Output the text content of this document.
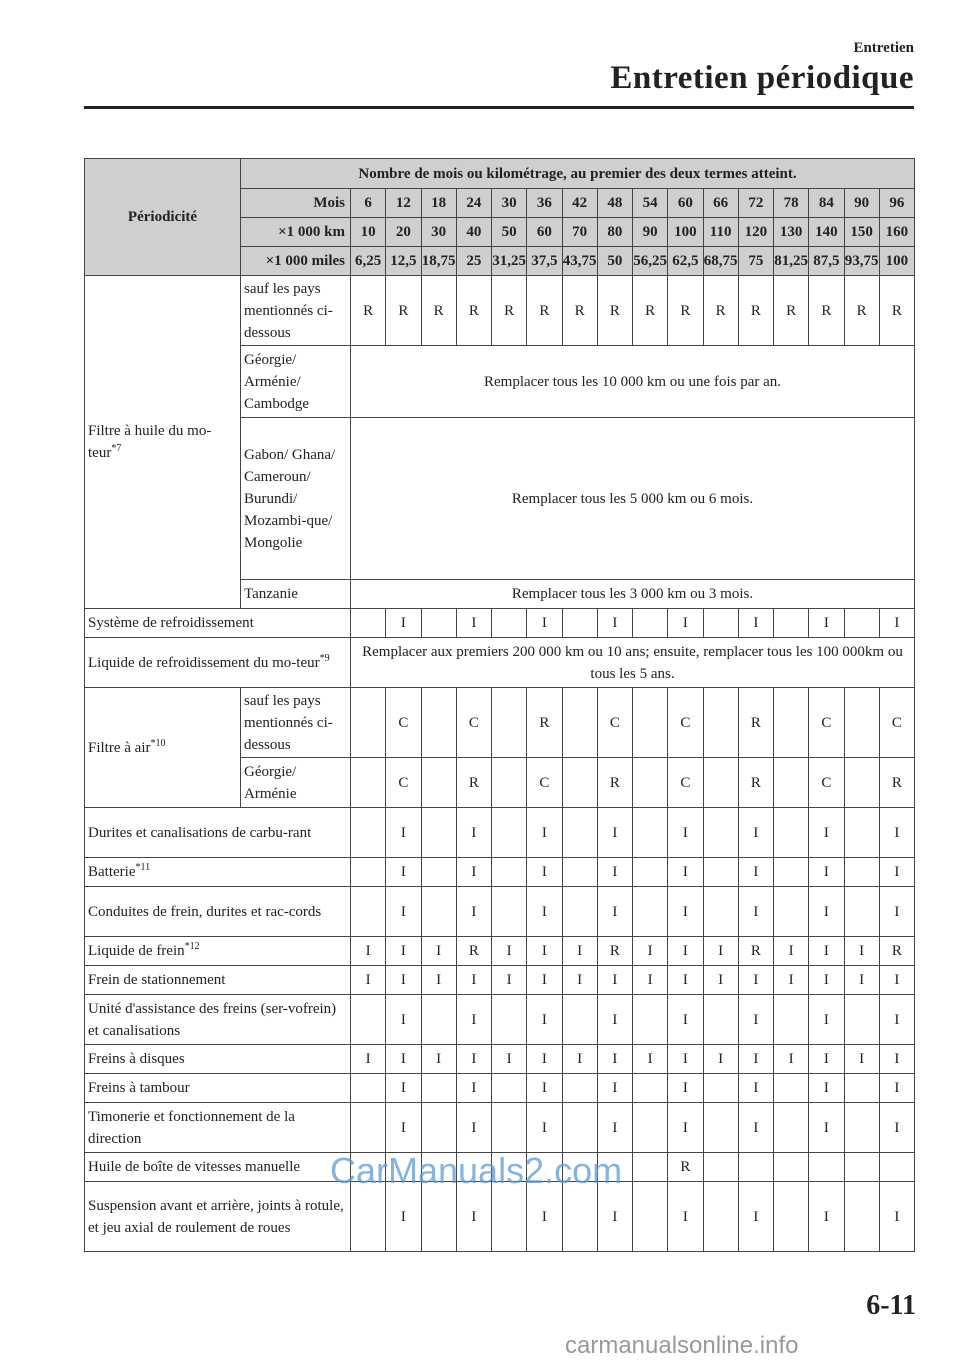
Entretien
Entretien périodique
Périodicité	Nombre de mois ou kilométrage, au premier des deux termes atteint.																
	Mois	6	12	18	24	30	36	42	48	54	60	66	72	78	84	90	96
	×1 000 km	10	20	30	40	50	60	70	80	90	100	110	120	130	140	150	160
	×1 000 miles	6,25	12,5	18,75	25	31,25	37,5	43,75	50	56,25	62,5	68,75	75	81,25	87,5	93,75	100
Filtre à huile du mo-teur$^{*7}$	sauf les pays mentionnés ci-dessous	R	R	R	R	R	R	R	R	R	R	R	R	R	R	R	R
	Géorgie/ Arménie/ Cambodge	Remplacer tous les 10 000 km ou une fois par an.															
	Gabon/ Ghana/ Cameroun/ Burundi/ Mozambi-que/ Mongolie	Remplacer tous les 5 000 km ou 6 mois.															
	Tanzanie	Remplacer tous les 3 000 km ou 3 mois.															
Système de refroidissement			I		I		I		I		I		I		I		I
Liquide de refroidissement du mo-teur$^{*9}$		Remplacer aux premiers 200 000 km ou 10 ans; ensuite, remplacer tous les 100 000km ou tous les 5 ans.															
Filtre à air$^{*10}$	sauf les pays mentionnés ci-dessous		C		C		R		C		C		R		C		C
	Géorgie/ Arménie		C		R		C		R		C		R		C		R
Durites et canalisations de carbu-rant			I		I		I		I		I		I		I		I
Batterie$^{*11}$			I		I		I		I		I		I		I		I
Conduites de frein, durites et rac-cords			I		I		I		I		I		I		I		I
Liquide de frein$^{*12}$		I	I	I	R	I	I	I	R	I	I	I	R	I	I	I	R
Frein de stationnement		I	I	I	I	I	I	I	I	I	I	I	I	I	I	I	I
Unité d'assistance des freins (ser-vofrein) et canalisations			I		I		I		I		I		I		I		I
Freins à disques		I	I	I	I	I	I	I	I	I	I	I	I	I	I	I	I
Freins à tambour			I		I		I		I		I		I		I		I
Timonerie et fonctionnement de la direction			I		I		I		I		I		I		I		I
Huile de boîte de vitesses manuelle											R						
Suspension avant et arrière, joints à rotule, et jeu axial de roulement de roues			I		I		I		I		I		I		I		I
6-11
CarManuals2.com
carmanualsonline.info
